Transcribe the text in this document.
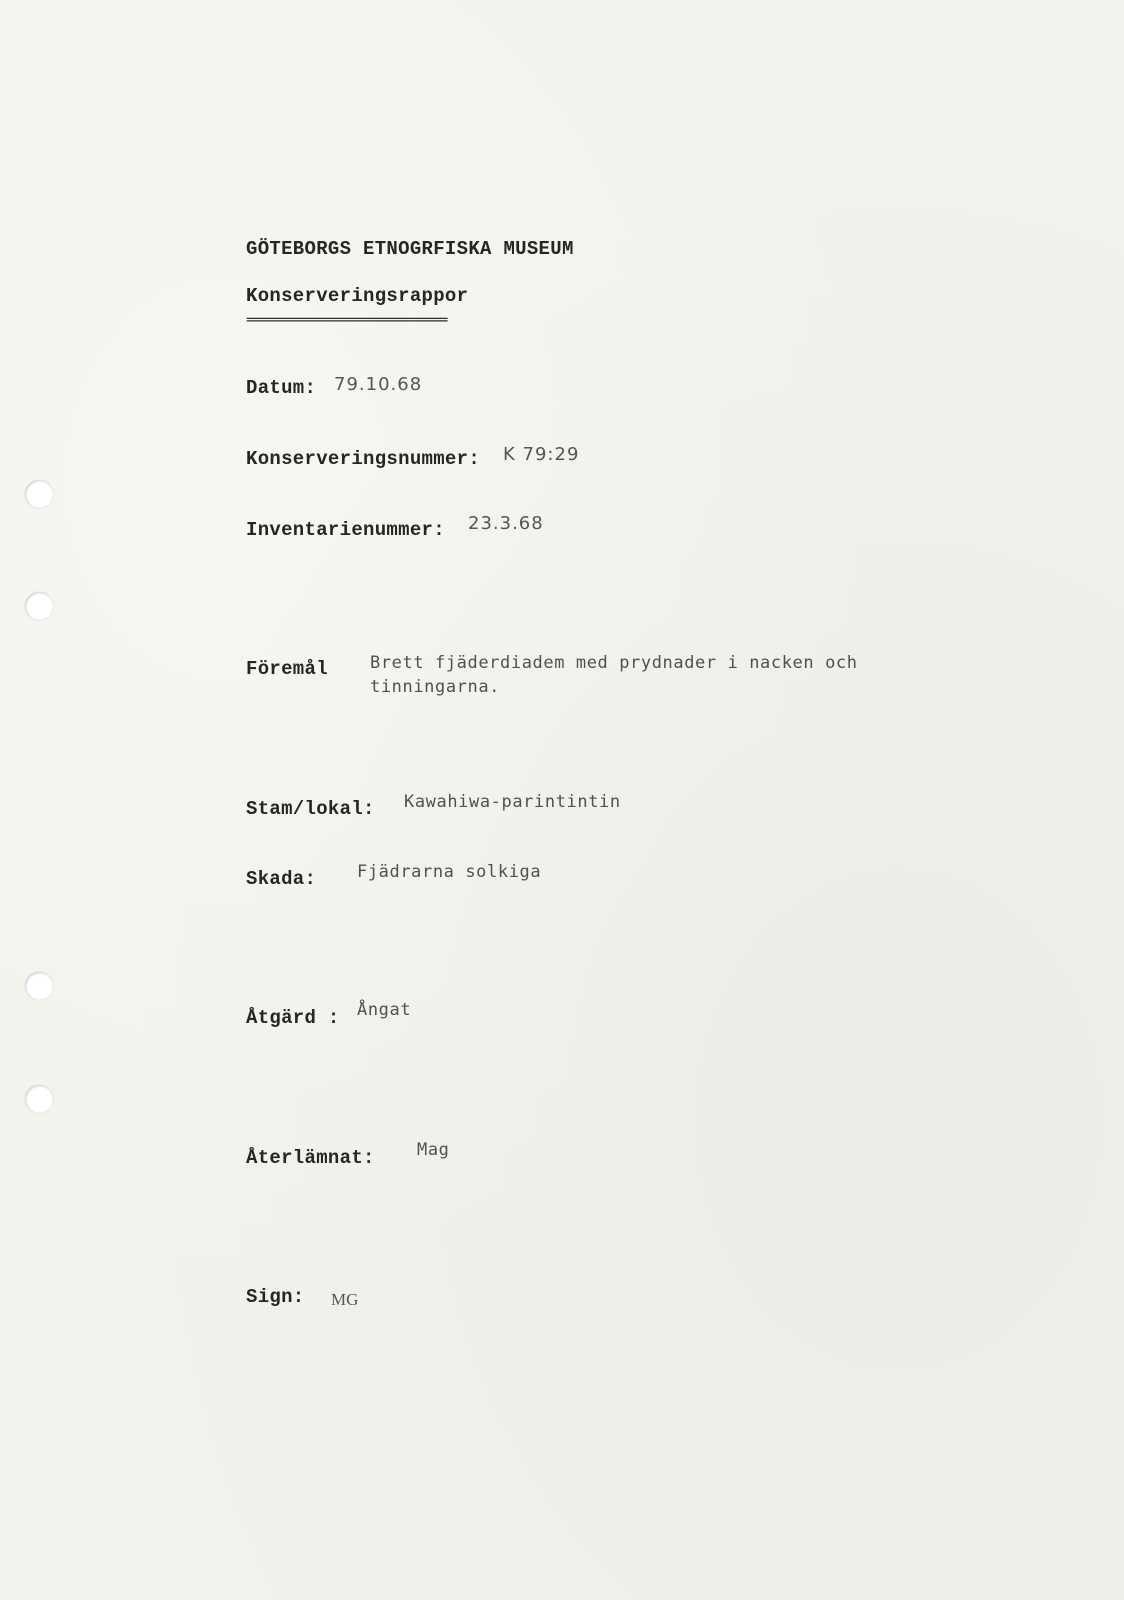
GÖTEBORGS ETNOGRFISKA MUSEUM
Konserveringsrappor
===========================
Datum: 79.10.68
Konserveringsnummer: K 79:29
Inventarienummer: 23.3.68
Föremål Brett fjäderdiadem med prydnader i nacken och tinningarna.
Stam/lokal: Kawahiwa-parintintin
Skada: Fjädrarna solkiga
Åtgärd : Ångat
Återlämnat: Mag
Sign: MG
